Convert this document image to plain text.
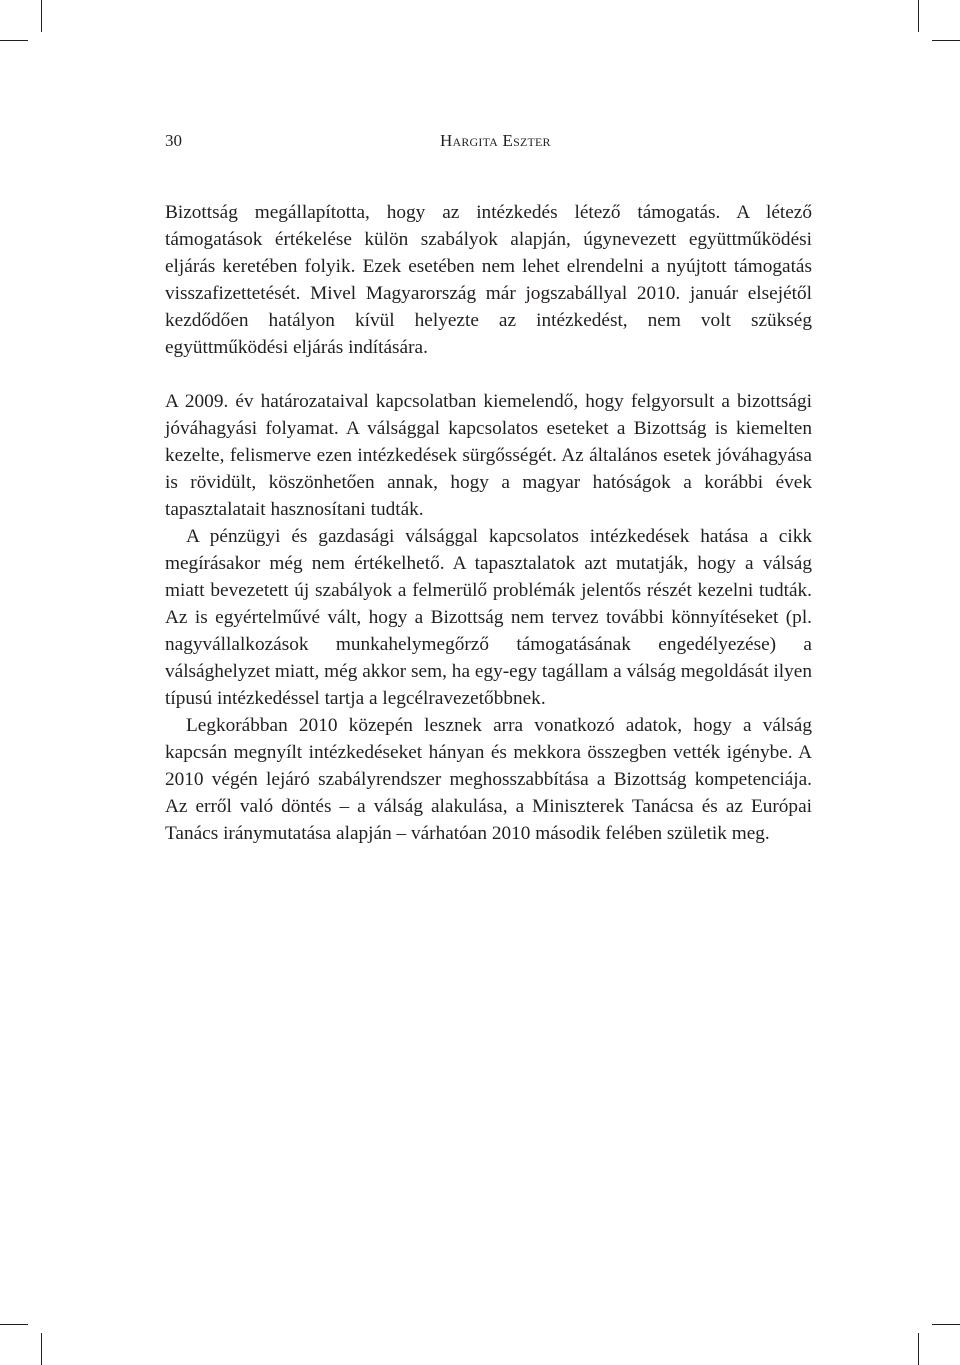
30	Hargita Eszter

Bizottság megállapította, hogy az intézkedés létező támogatás. A létező támogatások értékelése külön szabályok alapján, úgynevezett együttműködési eljárás keretében folyik. Ezek esetében nem lehet elrendelni a nyújtott támogatás visszafizettetését. Mivel Magyarország már jogszabállyal 2010. január elsejétől kezdődően hatályon kívül helyezte az intézkedést, nem volt szükség együttműködési eljárás indítására.

A 2009. év határozataival kapcsolatban kiemelendő, hogy felgyorsult a bizottsági jóváhagyási folyamat. A válsággal kapcsolatos eseteket a Bizottság is kiemelten kezelte, felismerve ezen intézkedések sürgősségét. Az általános esetek jóváhagyása is rövidült, köszönhetően annak, hogy a magyar hatóságok a korábbi évek tapasztalatait hasznosítani tudták.

A pénzügyi és gazdasági válsággal kapcsolatos intézkedések hatása a cikk megírásakor még nem értékelhető. A tapasztalatok azt mutatják, hogy a válság miatt bevezetett új szabályok a felmerülő problémák jelentős részét kezelni tudták. Az is egyértelművé vált, hogy a Bizottság nem tervez további könnyítéseket (pl. nagyvállalkozások munkahelymegőrző támogatásának engedélyezése) a válsághelyzet miatt, még akkor sem, ha egy-egy tagállam a válság megoldását ilyen típusú intézkedéssel tartja a legcélravezetőbbnek.

Legkorábban 2010 közepén lesznek arra vonatkozó adatok, hogy a válság kapcsán megnyílt intézkedéseket hányan és mekkora összegben vették igénybe. A 2010 végén lejáró szabályrendszer meghosszabbítása a Bizottság kompetenciája. Az erről való döntés – a válság alakulása, a Miniszterek Tanácsa és az Európai Tanács iránymutatása alapján – várhatóan 2010 második felében születik meg.
